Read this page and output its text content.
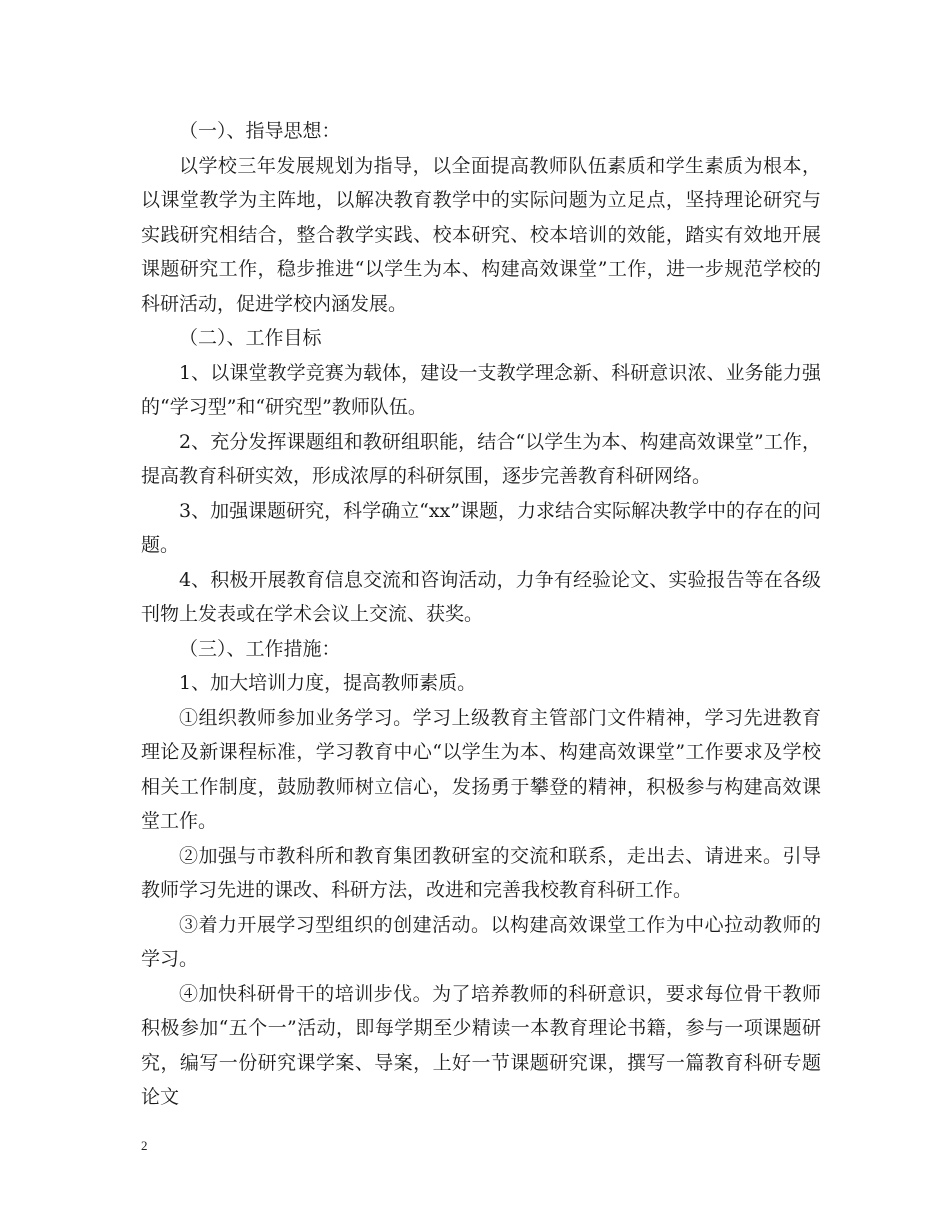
（一）、指导思想：

以学校三年发展规划为指导，以全面提高教师队伍素质和学生素质为根本，以课堂教学为主阵地，以解决教育教学中的实际问题为立足点，坚持理论研究与实践研究相结合，整合教学实践、校本研究、校本培训的效能，踏实有效地开展课题研究工作，稳步推进“以学生为本、构建高效课堂”工作，进一步规范学校的科研活动，促进学校内涵发展。

（二）、工作目标

1、以课堂教学竞赛为载体，建设一支教学理念新、科研意识浓、业务能力强的“学习型”和“研究型”教师队伍。

2、充分发挥课题组和教研组职能，结合“以学生为本、构建高效课堂”工作，提高教育科研实效，形成浓厚的科研氛围，逐步完善教育科研网络。

3、加强课题研究，科学确立“xx”课题，力求结合实际解决教学中的存在的问题。

4、积极开展教育信息交流和咨询活动，力争有经验论文、实验报告等在各级刊物上发表或在学术会议上交流、获奖。

（三）、工作措施：

1、加大培训力度，提高教师素质。

①组织教师参加业务学习。学习上级教育主管部门文件精神，学习先进教育理论及新课程标准，学习教育中心“以学生为本、构建高效课堂”工作要求及学校相关工作制度，鼓励教师树立信心，发扬勇于攀登的精神，积极参与构建高效课堂工作。

②加强与市教科所和教育集团教研室的交流和联系，走出去、请进来。引导教师学习先进的课改、科研方法，改进和完善我校教育科研工作。

③着力开展学习型组织的创建活动。以构建高效课堂工作为中心拉动教师的学习。

④加快科研骨干的培训步伐。为了培养教师的科研意识，要求每位骨干教师积极参加“五个一”活动，即每学期至少精读一本教育理论书籍，参与一项课题研究，编写一份研究课学案、导案，上好一节课题研究课，撰写一篇教育科研专题论文

2
